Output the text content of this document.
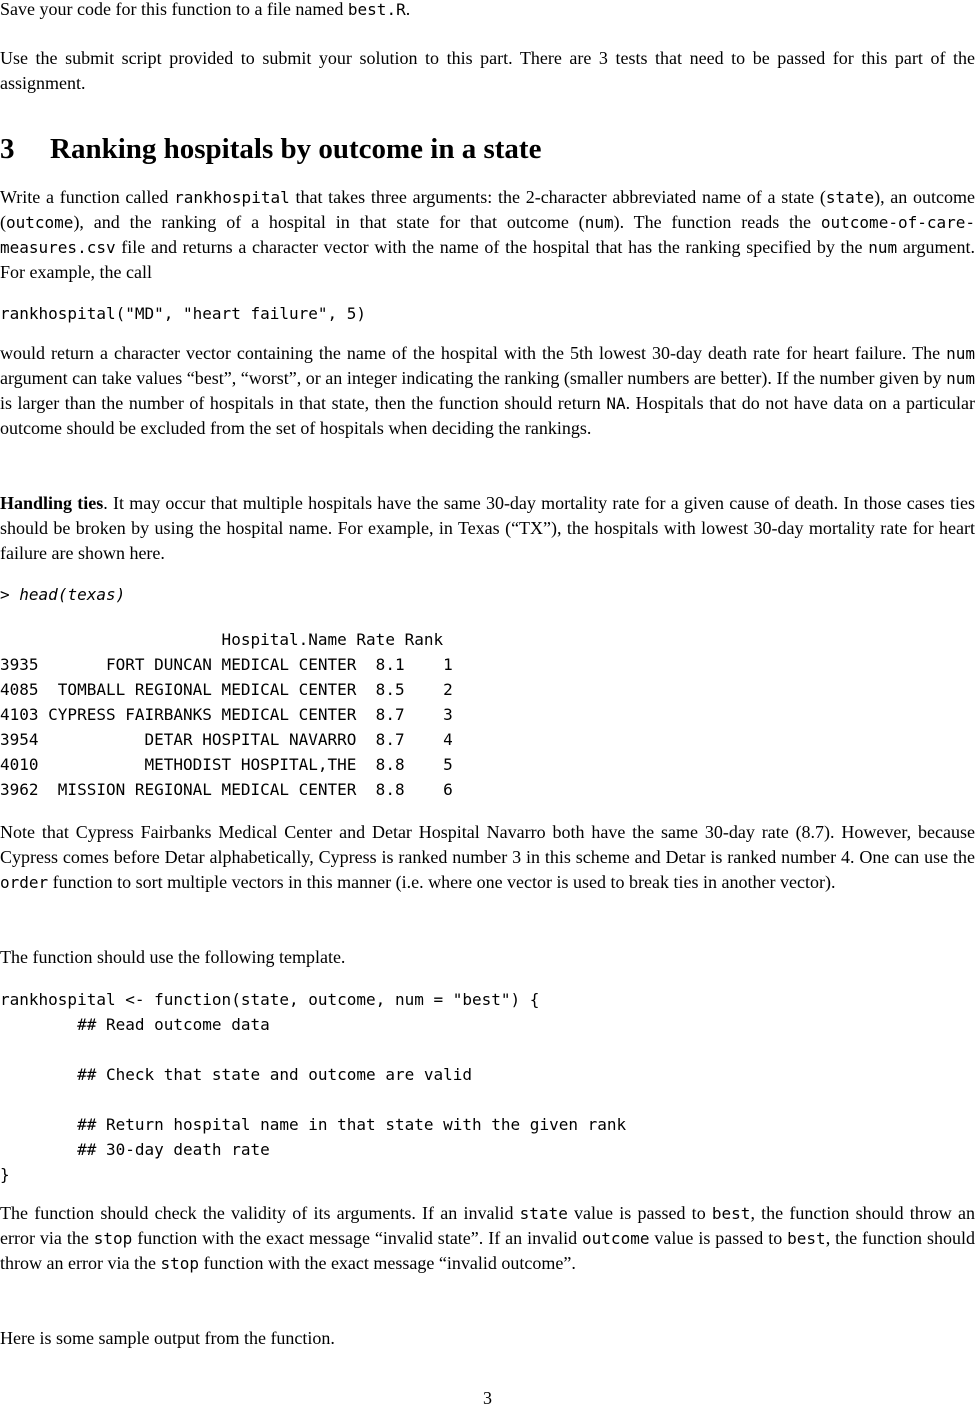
Save your code for this function to a file named best.R.

Use the submit script provided to submit your solution to this part. There are 3 tests that need to be passed for this part of the assignment.

3 Ranking hospitals by outcome in a state

Write a function called rankhospital that takes three arguments: the 2-character abbreviated name of a state (state), an outcome (outcome), and the ranking of a hospital in that state for that outcome (num). The function reads the outcome-of-care-measures.csv file and returns a character vector with the name of the hospital that has the ranking specified by the num argument. For example, the call

rankhospital("MD", "heart failure", 5)

would return a character vector containing the name of the hospital with the 5th lowest 30-day death rate for heart failure. The num argument can take values “best”, “worst”, or an integer indicating the ranking (smaller numbers are better). If the number given by num is larger than the number of hospitals in that state, then the function should return NA. Hospitals that do not have data on a particular outcome should be excluded from the set of hospitals when deciding the rankings.

Handling ties. It may occur that multiple hospitals have the same 30-day mortality rate for a given cause of death. In those cases ties should be broken by using the hospital name. For example, in Texas (“TX”), the hospitals with lowest 30-day mortality rate for heart failure are shown here.

> head(texas)
Hospital.Name Rate Rank
3935       FORT DUNCAN MEDICAL CENTER  8.1    1
4085  TOMBALL REGIONAL MEDICAL CENTER  8.5    2
4103 CYPRESS FAIRBANKS MEDICAL CENTER  8.7    3
3954           DETAR HOSPITAL NAVARRO  8.7    4
4010           METHODIST HOSPITAL,THE  8.8    5
3962  MISSION REGIONAL MEDICAL CENTER  8.8    6

Note that Cypress Fairbanks Medical Center and Detar Hospital Navarro both have the same 30-day rate (8.7). However, because Cypress comes before Detar alphabetically, Cypress is ranked number 3 in this scheme and Detar is ranked number 4. One can use the order function to sort multiple vectors in this manner (i.e. where one vector is used to break ties in another vector).

The function should use the following template.

rankhospital <- function(state, outcome, num = "best") {
## Read outcome data

## Check that state and outcome are valid

## Return hospital name in that state with the given rank
## 30-day death rate
}

The function should check the validity of its arguments. If an invalid state value is passed to best, the function should throw an error via the stop function with the exact message “invalid state”. If an invalid outcome value is passed to best, the function should throw an error via the stop function with the exact message “invalid outcome”.

Here is some sample output from the function.

3
